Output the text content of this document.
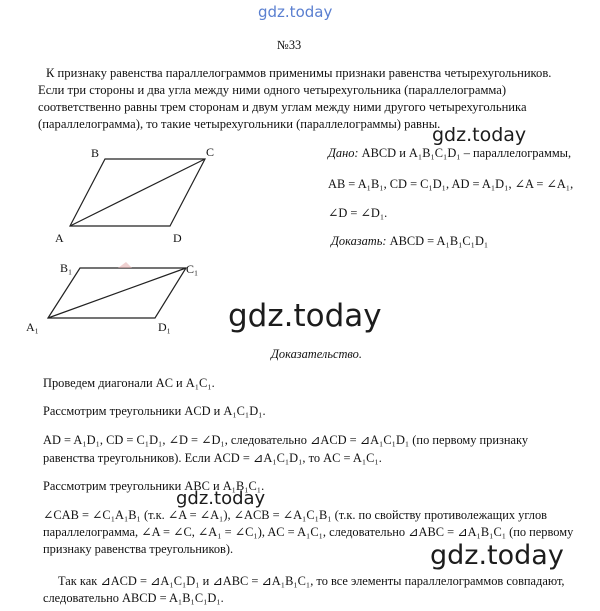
gdz.today
№33
К признаку равенства параллелограммов применимы признаки равенства четырехугольников.
Если три стороны и два угла между ними одного четырехугольника (параллелограмма)
соответственно равны трем сторонам и двум углам между ними другого четырехугольника
(параллелограмма), то такие четырехугольники (параллелограммы) равны.
A
B	C
D
A₁
B₁	C₁
D₁
gdz.today
Дано: ABCD и A₁B₁C₁D₁ – параллелограммы,
AB = A₁B₁, CD = C₁D₁, AD = A₁D₁, ∠A = ∠A₁,
∠D = ∠D₁.
Доказать: ABCD = A₁B₁C₁D₁
gdz.today
Доказательство.
Проведем диагонали AC и A₁C₁.
Рассмотрим треугольники ACD и A₁C₁D₁.
AD = A₁D₁, CD = C₁D₁, ∠D = ∠D₁, следовательно ⊿ACD = ⊿A₁C₁D₁ (по первому признаку
равенства треугольников). Если ACD = ⊿A₁C₁D₁, то AC = A₁C₁.
Рассмотрим треугольники ABC и A₁B₁C₁.
gdz.today
∠CAB = ∠C₁A₁B₁ (т.к. ∠A = ∠A₁), ∠ACB = ∠A₁C₁B₁ (т.к. по свойству противолежащих углов
параллелограмма, ∠A = ∠C, ∠A₁ = ∠C₁), AC = A₁C₁, следовательно ⊿ABC = ⊿A₁B₁C₁ (по первому
признаку равенства треугольников).	gdz.today
Так как ⊿ACD = ⊿A₁C₁D₁ и ⊿ABC = ⊿A₁B₁C₁, то все элементы параллелограммов совпадают,
следовательно ABCD = A₁B₁C₁D₁.
